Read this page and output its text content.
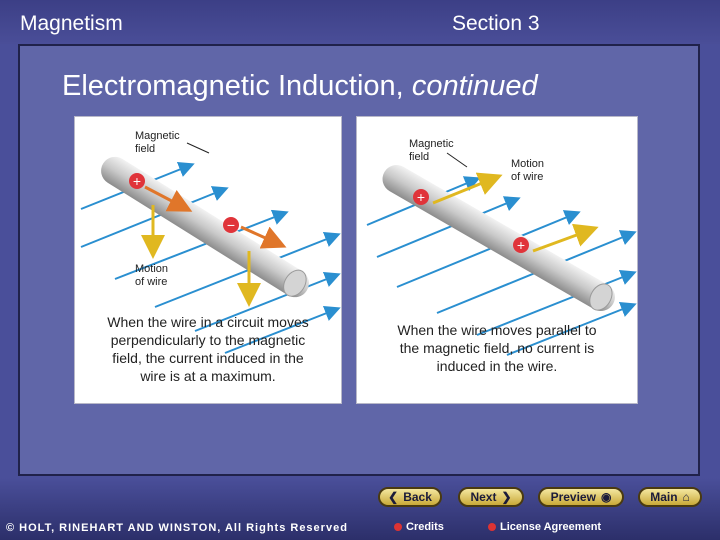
Magnetism	Section 3
Electromagnetic Induction, continued
+
−
Magnetic
field
Motion
of wire
When the wire in a circuit moves
perpendicularly to the magnetic
field, the current induced in the
wire is at a maximum.
+
+
Magnetic
field
Motion
of wire
When the wire moves parallel to
the magnetic field, no current is
induced in the wire.
❮ Back	Next ❯	Preview ◉	Main ⌂
© HOLT, RINEHART AND WINSTON, All Rights Reserved	Credits	License Agreement
